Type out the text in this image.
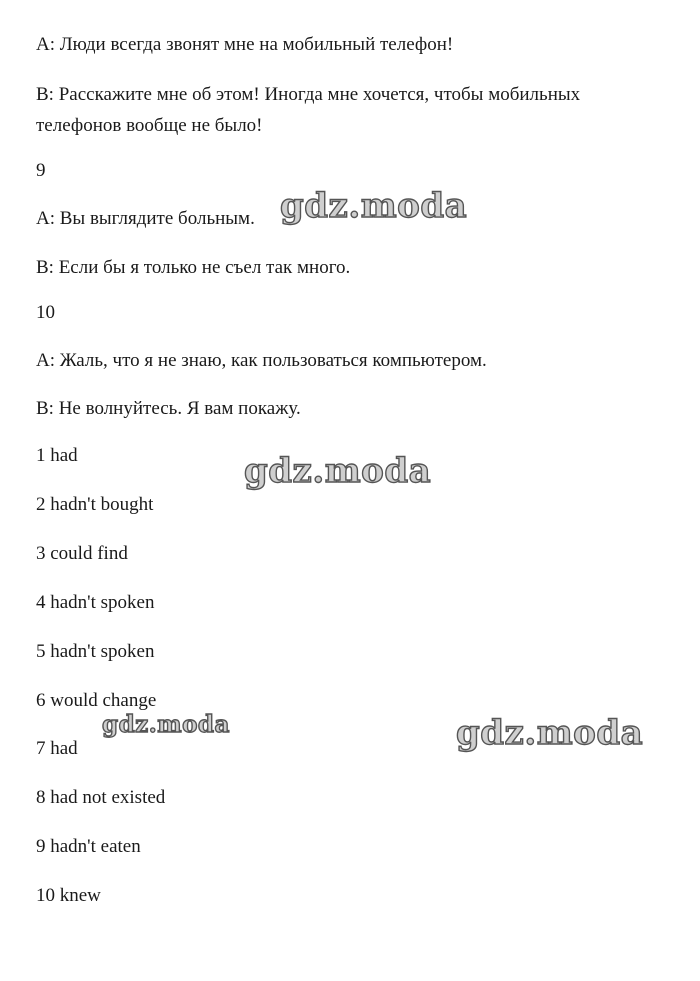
A: Люди всегда звонят мне на мобильный телефон!
B: Расскажите мне об этом! Иногда мне хочется, чтобы мобильных
телефонов вообще не было!
9
A: Вы выглядите больным.
B: Если бы я только не съел так много.
10
A: Жаль, что я не знаю, как пользоваться компьютером.
B: Не волнуйтесь. Я вам покажу.
1 had
2 hadn't bought
3 could find
4 hadn't spoken
5 hadn't spoken
6 would change
7 had
8 had not existed
9 hadn't eaten
10 knew
gdz.moda
gdz.moda
gdz.moda	gdz.moda
